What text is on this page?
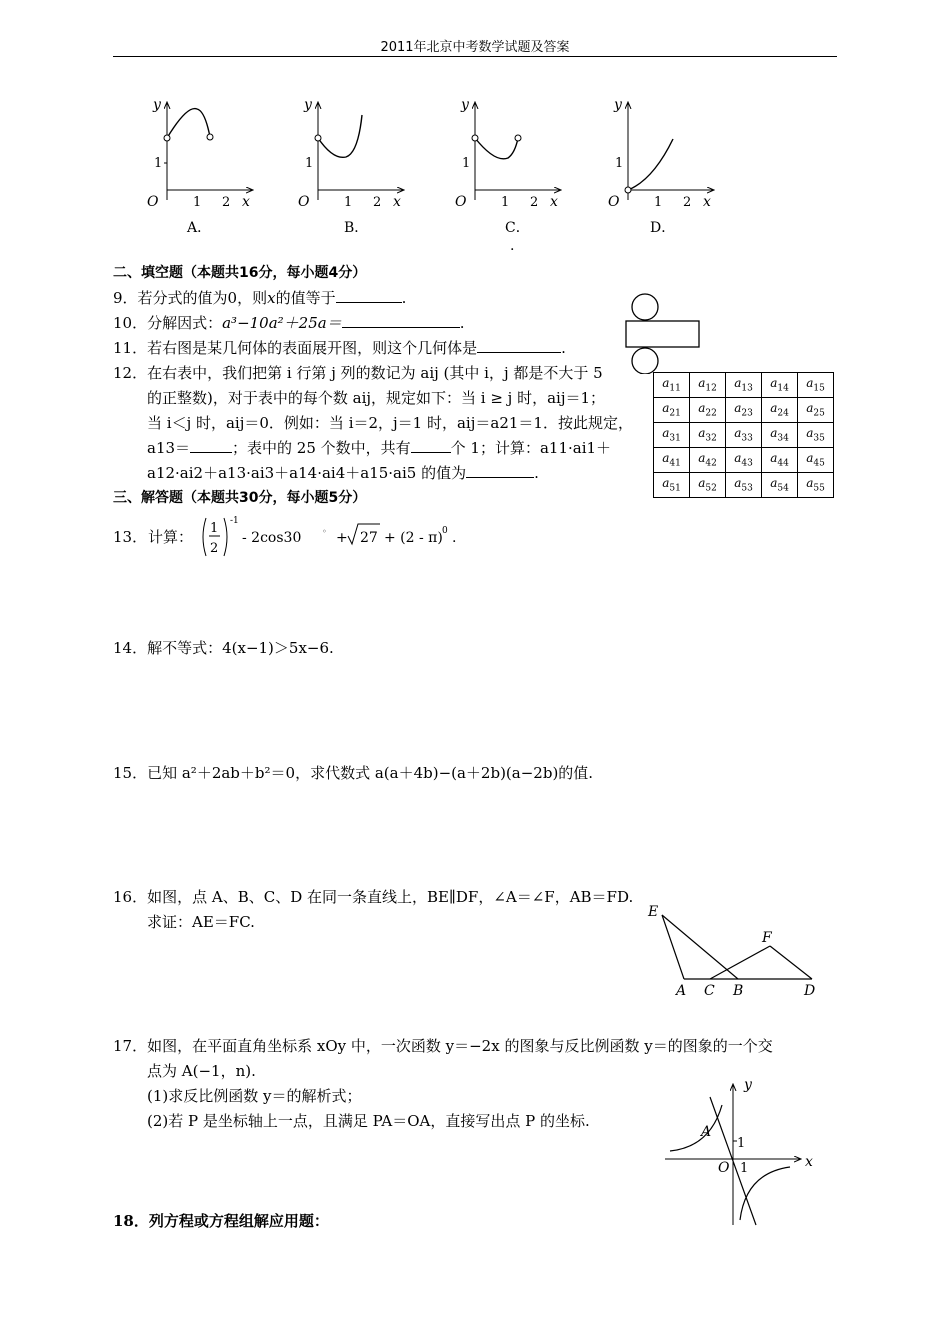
2011年北京中考数学试题及答案
y
1
O	1 2 x
A．
y
1
O	1 2 x
B．
y
1
O	1 2 x
C．
.
y
1
O	1 2 x
D．
二、填空题（本题共16分，每小题4分）
9．若分式的值为0，则x的值等于	.
10．分解因式：a³−10a²＋25a＝	.
11．若右图是某几何体的表面展开图，则这个几何体是	.
12．在右表中，我们把第 i 行第 j 列的数记为 aij (其中 i，j 都是不大于 5
的正整数)，对于表中的每个数 aij，规定如下：当 i ≥ j 时，aij＝1；
当 i＜j 时，aij＝0．例如：当 i＝2，j＝1 时，aij＝a21＝1．按此规定，
a13＝	；表中的 25 个数中，共有	个 1；计算：a11·ai1＋
a12·ai2＋a13·ai3＋a14·ai4＋a15·ai5 的值为	.
$a_{11}$	$a_{12}$	$a_{13}$	$a_{14}$	$a_{15}$
$a_{21}$	$a_{22}$	$a_{23}$	$a_{24}$	$a_{25}$
$a_{31}$	$a_{32}$	$a_{33}$	$a_{34}$	$a_{35}$
$a_{41}$	$a_{42}$	$a_{43}$	$a_{44}$	$a_{45}$
$a_{51}$	$a_{52}$	$a_{53}$	$a_{54}$	$a_{55}$
三、解答题（本题共30分，每小题5分）
13． 计算： 1
2
-1
- 2cos30	◦ + 27 + (2 - π) 0 .
14．解不等式：4(x−1)＞5x−6.
15．已知 a²＋2ab＋b²＝0，求代数式 a(a＋4b)−(a＋2b)(a−2b)的值.
16．如图，点 A、B、C、D 在同一条直线上，BE∥DF，∠A＝∠F，AB＝FD.
求证：AE＝FC.
E
F
A C B	D
17．如图，在平面直角坐标系 xOy 中，一次函数 y＝−2x 的图象与反比例函数 y＝的图象的一个交
点为 A(−1，n).
(1)求反比例函数 y＝的解析式；
(2)若 P 是坐标轴上一点，且满足 PA＝OA，直接写出点 P 的坐标.
y
x
A
1
O 1
18．列方程或方程组解应用题：
